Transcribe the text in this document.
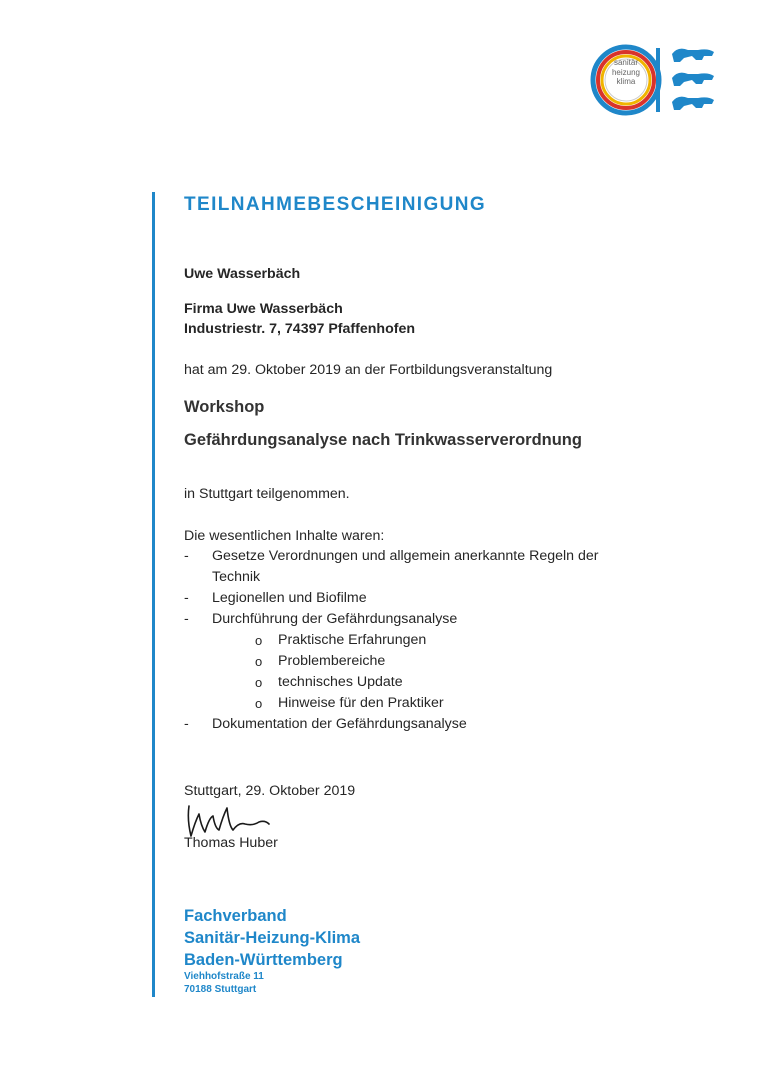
sanitär
heizung
klima
TEILNAHMEBESCHEINIGUNG
Uwe Wasserbäch
Firma Uwe Wasserbäch
Industriestr. 7, 74397 Pfaffenhofen
hat am 29. Oktober 2019 an der Fortbildungsveranstaltung
Workshop
Gefährdungsanalyse nach Trinkwasserverordnung
in Stuttgart teilgenommen.
Die wesentlichen Inhalte waren:
- Gesetze Verordnungen und allgemein anerkannte Regeln der
Technik
- Legionellen und Biofilme
- Durchführung der Gefährdungsanalyse
o Praktische Erfahrungen
o Problembereiche
o technisches Update
o Hinweise für den Praktiker
- Dokumentation der Gefährdungsanalyse
Stuttgart, 29. Oktober 2019
Thomas Huber
Fachverband
Sanitär-Heizung-Klima
Baden-Württemberg
Viehhofstraße 11
70188 Stuttgart
